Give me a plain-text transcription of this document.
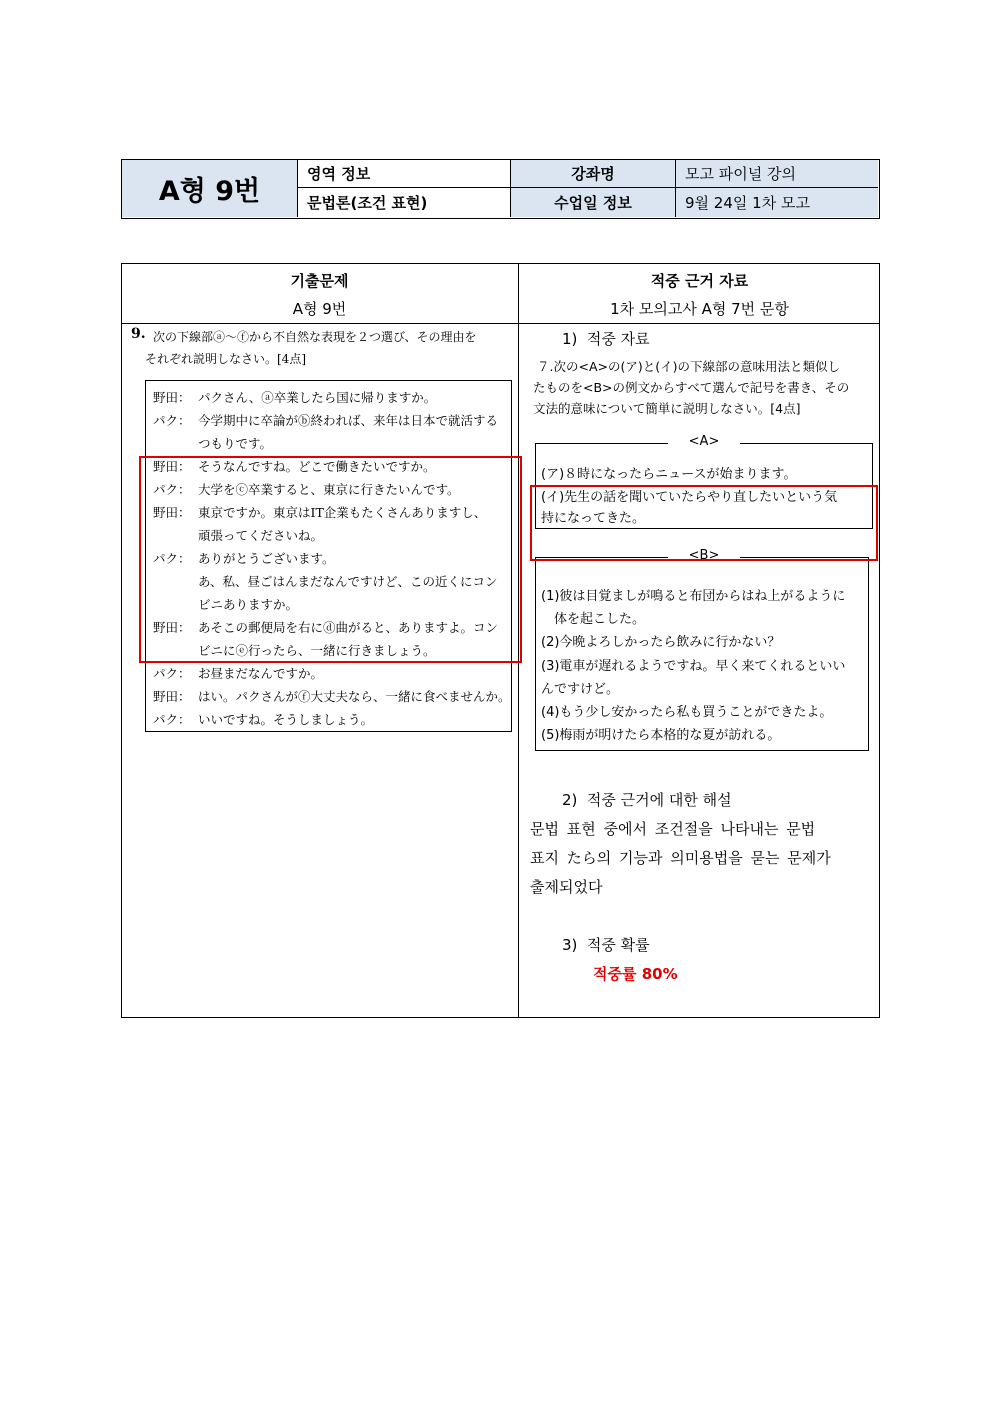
A형 9번
영역 정보
문법론(조건 표현)
강좌명
수업일 정보
모고 파이널 강의
9월 24일 1차 모고
기출문제
A형 9번
적중 근거 자료
1차 모의고사 A형 7번 문항
9. 次の下線部ⓐ～ⓕから不自然な表現を２つ選び、その理由を
それぞれ説明しなさい。[4点]
野田： パクさん、ⓐ卒業したら国に帰りますか。
パク： 今学期中に卒論がⓑ終われば、来年は日本で就活する
つもりです。
野田： そうなんですね。どこで働きたいですか。
パク： 大学をⓒ卒業すると、東京に行きたいんです。
野田： 東京ですか。東京はIT企業もたくさんありますし、
頑張ってくださいね。
パク： ありがとうございます。
あ、私、昼ごはんまだなんですけど、この近くにコン
ビニありますか。
野田： あそこの郵便局を右にⓓ曲がると、ありますよ。コン
ビニにⓔ行ったら、一緒に行きましょう。
パク： お昼まだなんですか。
野田： はい。パクさんがⓕ大丈夫なら、一緒に食べませんか。
パク： いいですね。そうしましょう。
1)  적중 자료
７.次の<A>の(ア)と(イ)の下線部の意味用法と類似し
たものを<B>の例文からすべて選んで記号を書き、その
文法的意味について簡単に説明しなさい。[4点]
<A>
(ア)８時になったらニュースが始まります。
(イ)先生の話を聞いていたらやり直したいという気
持になってきた。
<B>
(1)彼は目覚ましが鳴ると布団からはね上がるように
　体を起こした。
(2)今晩よろしかったら飲みに行かない？
(3)電車が遅れるようですね。早く来てくれるといい
んですけど。
(4)もう少し安かったら私も買うことができたよ。
(5)梅雨が明けたら本格的な夏が訪れる。
2)  적중 근거에 대한 해설
문법 표현 중에서 조건절을 나타내는 문법
표지 たら의 기능과 의미용법을 묻는 문제가
출제되었다
3)  적중 확률
적중률 80%
